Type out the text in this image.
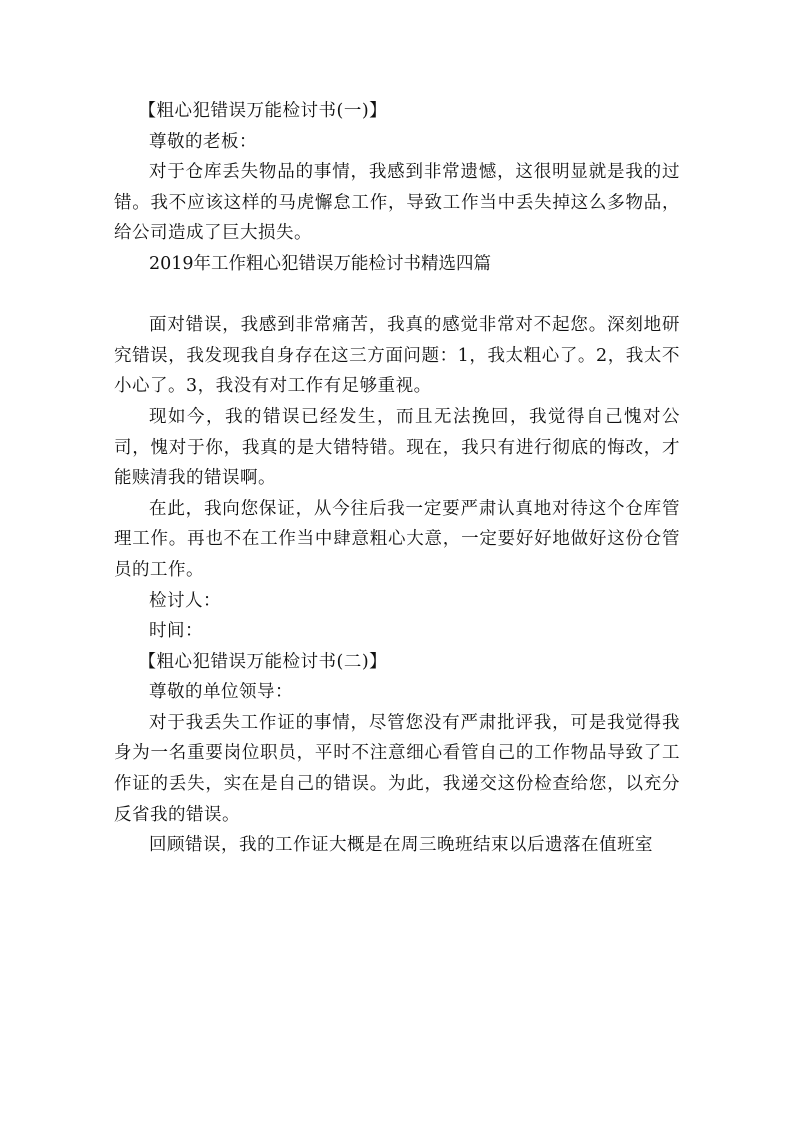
【粗心犯错误万能检讨书(一)】

尊敬的老板：

对于仓库丢失物品的事情，我感到非常遗憾，这很明显就是我的过错。我不应该这样的马虎懈怠工作，导致工作当中丢失掉这么多物品，给公司造成了巨大损失。

2019年工作粗心犯错误万能检讨书精选四篇

面对错误，我感到非常痛苦，我真的感觉非常对不起您。深刻地研究错误，我发现我自身存在这三方面问题：1，我太粗心了。2，我太不小心了。3，我没有对工作有足够重视。

现如今，我的错误已经发生，而且无法挽回，我觉得自己愧对公司，愧对于你，我真的是大错特错。现在，我只有进行彻底的悔改，才能赎清我的错误啊。

在此，我向您保证，从今往后我一定要严肃认真地对待这个仓库管理工作。再也不在工作当中肆意粗心大意，一定要好好地做好这份仓管员的工作。

检讨人：

时间：

【粗心犯错误万能检讨书(二)】

尊敬的单位领导：

对于我丢失工作证的事情，尽管您没有严肃批评我，可是我觉得我身为一名重要岗位职员，平时不注意细心看管自己的工作物品导致了工作证的丢失，实在是自己的错误。为此，我递交这份检查给您，以充分反省我的错误。

回顾错误，我的工作证大概是在周三晚班结束以后遗落在值班室
